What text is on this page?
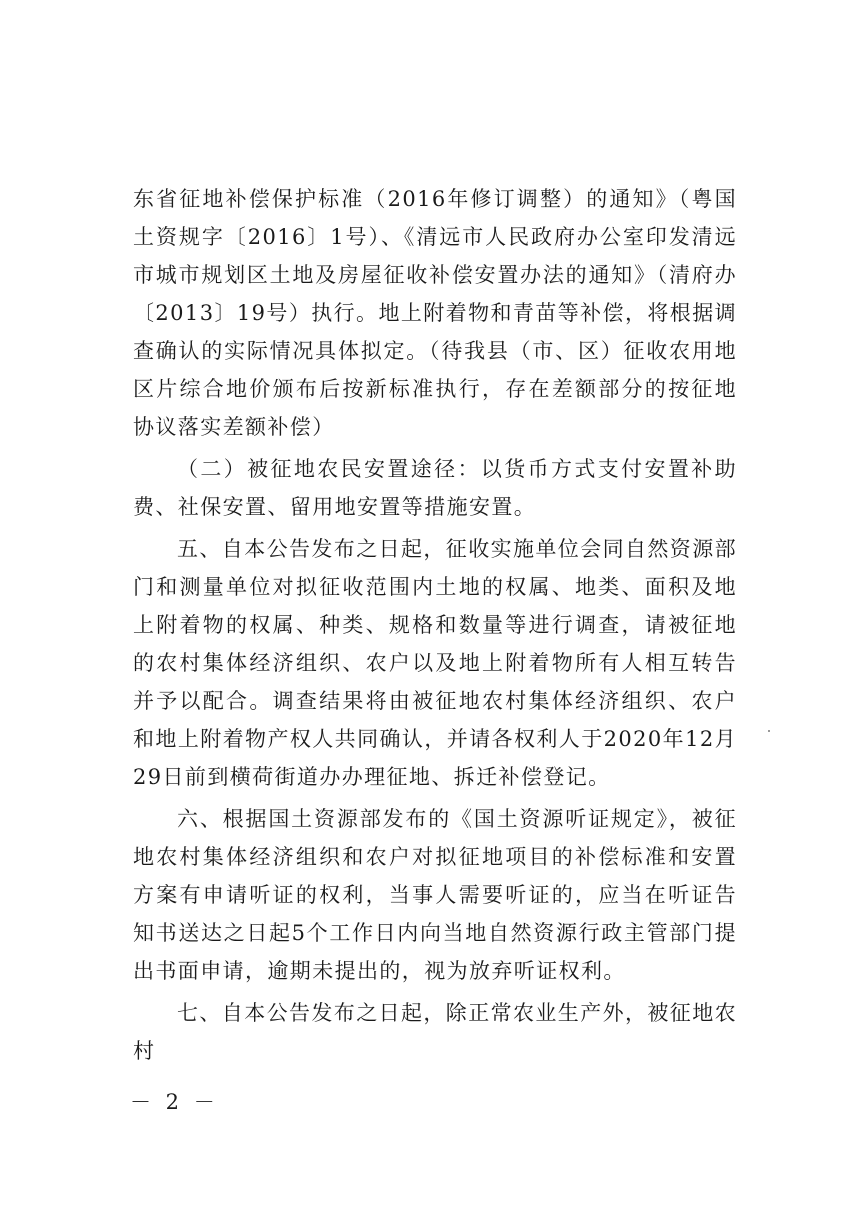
东省征地补偿保护标准（2016年修订调整）的通知》（粤国土资规字〔2016〕1号）、《清远市人民政府办公室印发清远市城市规划区土地及房屋征收补偿安置办法的通知》（清府办〔2013〕19号）执行。地上附着物和青苗等补偿，将根据调查确认的实际情况具体拟定。（待我县（市、区）征收农用地区片综合地价颁布后按新标准执行，存在差额部分的按征地协议落实差额补偿）

（二）被征地农民安置途径：以货币方式支付安置补助费、社保安置、留用地安置等措施安置。

五、自本公告发布之日起，征收实施单位会同自然资源部门和测量单位对拟征收范围内土地的权属、地类、面积及地上附着物的权属、种类、规格和数量等进行调查，请被征地的农村集体经济组织、农户以及地上附着物所有人相互转告并予以配合。调查结果将由被征地农村集体经济组织、农户和地上附着物产权人共同确认，并请各权利人于2020年12月29日前到横荷街道办办理征地、拆迁补偿登记。

六、根据国土资源部发布的《国土资源听证规定》，被征地农村集体经济组织和农户对拟征地项目的补偿标准和安置方案有申请听证的权利，当事人需要听证的，应当在听证告知书送达之日起5个工作日内向当地自然资源行政主管部门提出书面申请，逾期未提出的，视为放弃听证权利。

七、自本公告发布之日起，除正常农业生产外，被征地农村

－ 2 －
